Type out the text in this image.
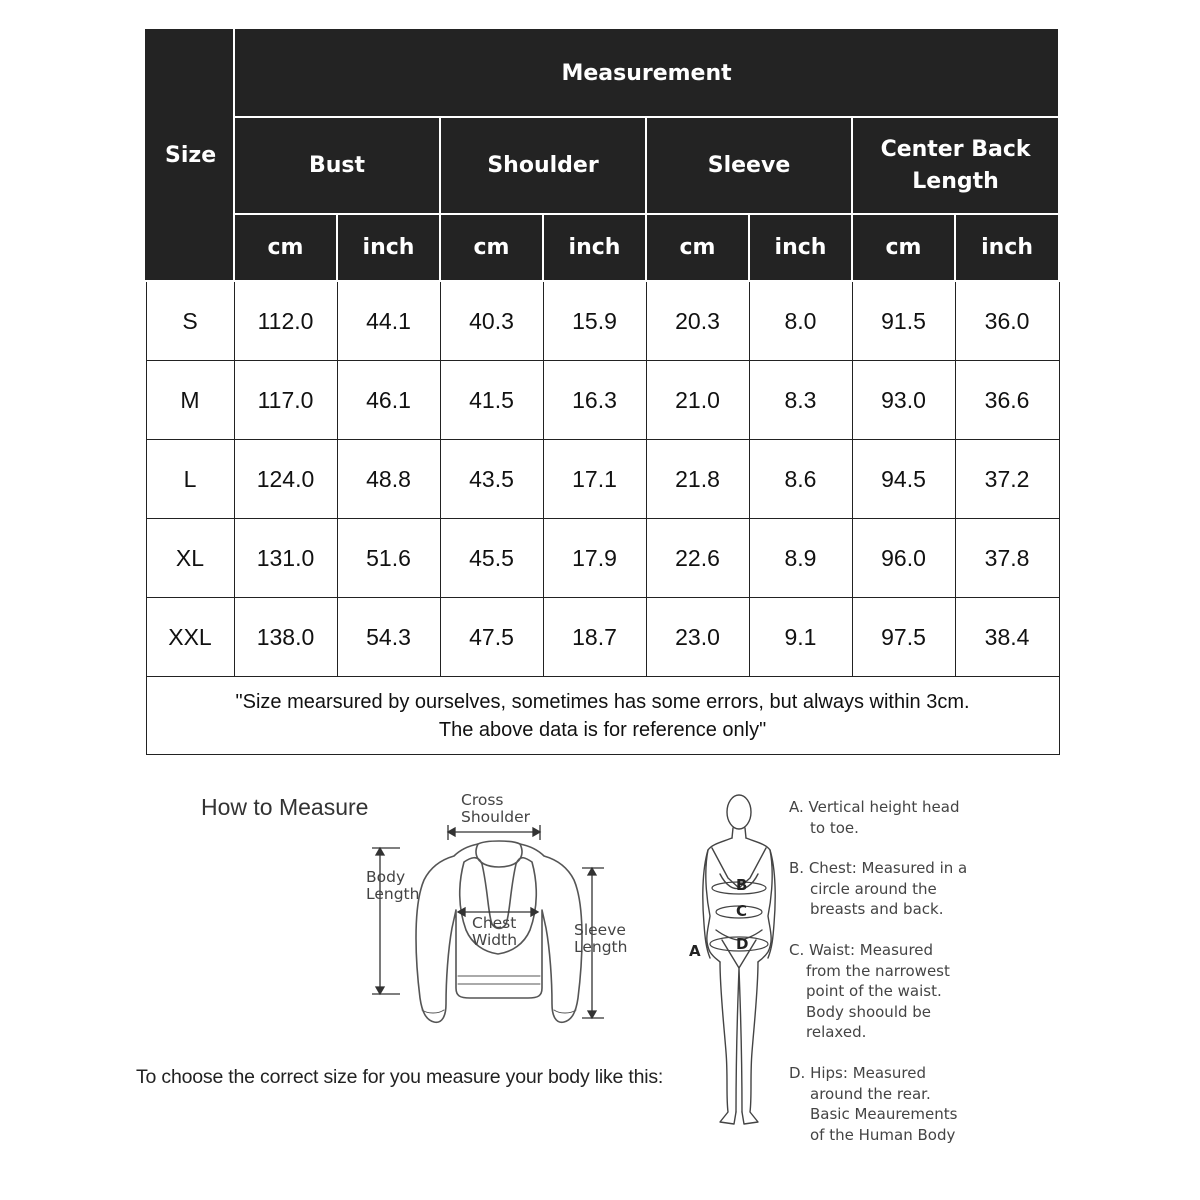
Size	Measurement							
	Bust		Shoulder		Sleeve		Center Back Length	
	cm	inch	cm	inch	cm	inch	cm	inch
S	112.0	44.1	40.3	15.9	20.3	8.0	91.5	36.0
M	117.0	46.1	41.5	16.3	21.0	8.3	93.0	36.6
L	124.0	48.8	43.5	17.1	21.8	8.6	94.5	37.2
XL	131.0	51.6	45.5	17.9	22.6	8.9	96.0	37.8
XXL	138.0	54.3	47.5	18.7	23.0	9.1	97.5	38.4

"Size mearsured by ourselves, sometimes has some errors, but always within 3cm.
The above data is for reference only"								
How to Measure	Cross
Shoulder
Body
Length
Chest
Width
Sleeve
Length
To choose the correct size for you measure your body like this:
B
C
D
A
A. Vertical height head
to toe.
B. Chest: Measured in a
circle around the
breasts and back.
C. Waist: Measured
from the narrowest
point of the waist.
Body shoould be
relaxed.
D. Hips: Measured
around the rear.
Basic Meaurements
of the Human Body
